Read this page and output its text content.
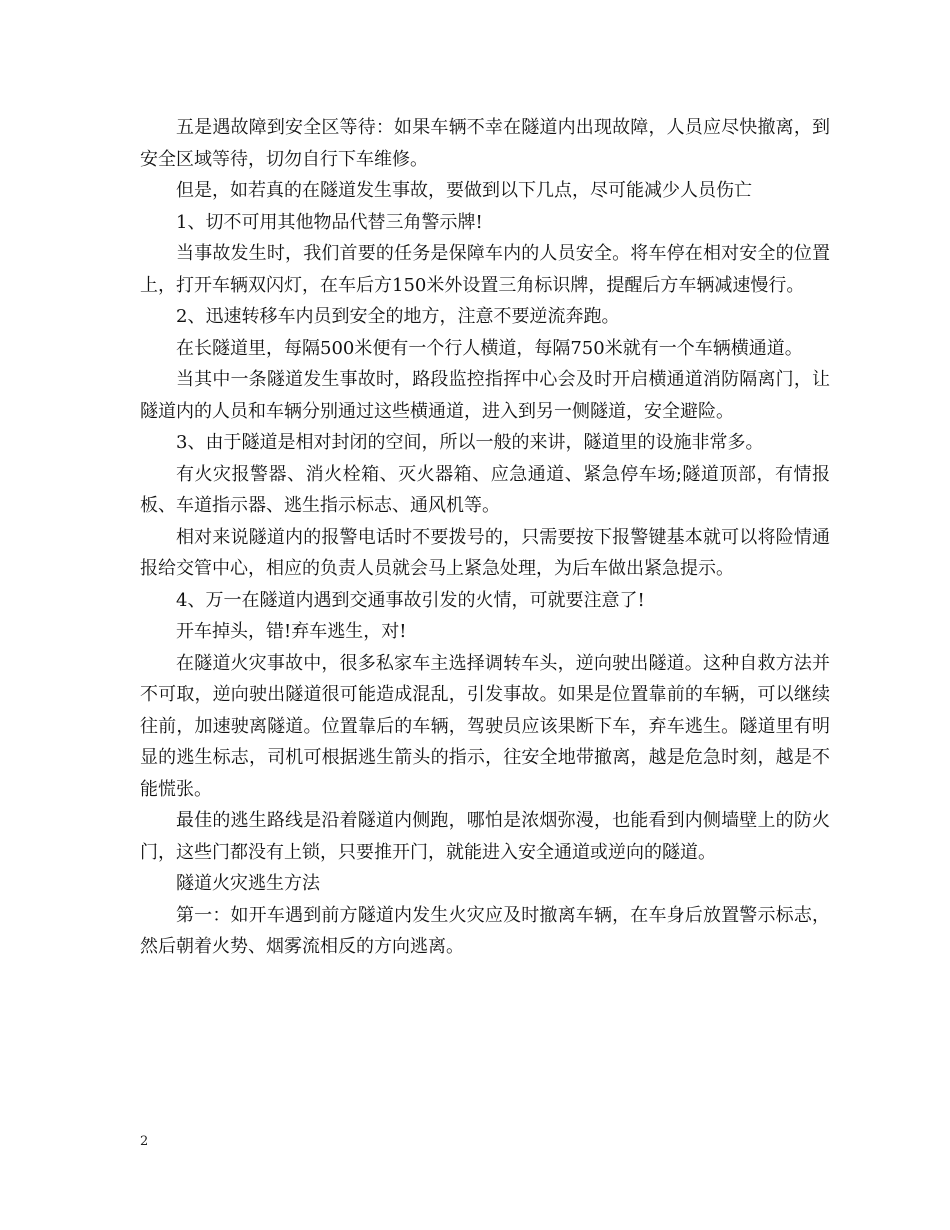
五是遇故障到安全区等待：如果车辆不幸在隧道内出现故障，人员应尽快撤离，到安全区域等待，切勿自行下车维修。

但是，如若真的在隧道发生事故，要做到以下几点，尽可能减少人员伤亡

1、切不可用其他物品代替三角警示牌!

当事故发生时，我们首要的任务是保障车内的人员安全。将车停在相对安全的位置上，打开车辆双闪灯，在车后方150米外设置三角标识牌，提醒后方车辆减速慢行。

2、迅速转移车内员到安全的地方，注意不要逆流奔跑。

在长隧道里，每隔500米便有一个行人横道，每隔750米就有一个车辆横通道。

当其中一条隧道发生事故时，路段监控指挥中心会及时开启横通道消防隔离门，让隧道内的人员和车辆分别通过这些横通道，进入到另一侧隧道，安全避险。

3、由于隧道是相对封闭的空间，所以一般的来讲，隧道里的设施非常多。

有火灾报警器、消火栓箱、灭火器箱、应急通道、紧急停车场;隧道顶部，有情报板、车道指示器、逃生指示标志、通风机等。

相对来说隧道内的报警电话时不要拨号的，只需要按下报警键基本就可以将险情通报给交管中心，相应的负责人员就会马上紧急处理，为后车做出紧急提示。

4、万一在隧道内遇到交通事故引发的火情，可就要注意了!

开车掉头，错!弃车逃生，对!

在隧道火灾事故中，很多私家车主选择调转车头，逆向驶出隧道。这种自救方法并不可取，逆向驶出隧道很可能造成混乱，引发事故。如果是位置靠前的车辆，可以继续往前，加速驶离隧道。位置靠后的车辆，驾驶员应该果断下车，弃车逃生。隧道里有明显的逃生标志，司机可根据逃生箭头的指示，往安全地带撤离，越是危急时刻，越是不能慌张。

最佳的逃生路线是沿着隧道内侧跑，哪怕是浓烟弥漫，也能看到内侧墙壁上的防火门，这些门都没有上锁，只要推开门，就能进入安全通道或逆向的隧道。

隧道火灾逃生方法

第一：如开车遇到前方隧道内发生火灾应及时撤离车辆，在车身后放置警示标志，然后朝着火势、烟雾流相反的方向逃离。

2
